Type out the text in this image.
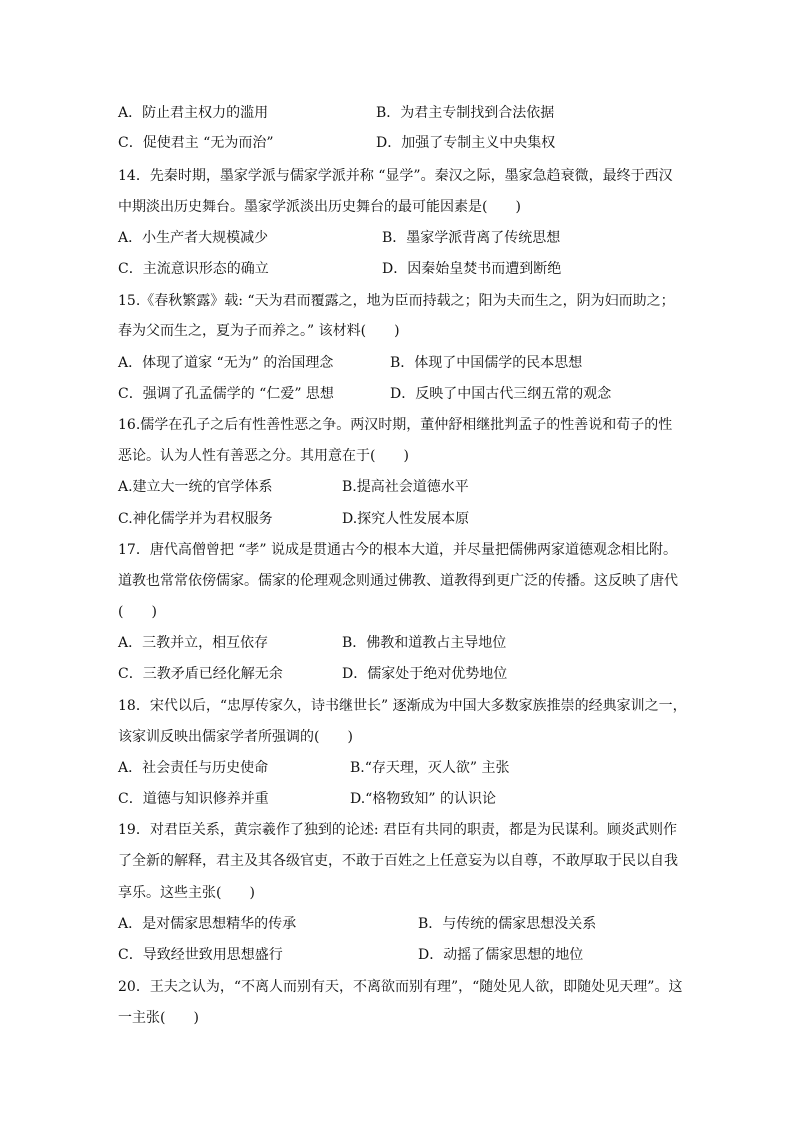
A．防止君主权力的滥用	B．为君主专制找到合法依据
C．促使君主 “无为而治”	D．加强了专制主义中央集权
14．先秦时期，墨家学派与儒家学派并称 “显学”。秦汉之际，墨家急趋衰微，最终于西汉
中期淡出历史舞台。墨家学派淡出历史舞台的最可能因素是(　　)
A．小生产者大规模减少	B．墨家学派背离了传统思想
C．主流意识形态的确立	D．因秦始皇焚书而遭到断绝
15.《春秋繁露》载: “天为君而覆露之，地为臣而持载之；阳为夫而生之，阴为妇而助之；
春为父而生之，夏为子而养之。” 该材料(　　)
A．体现了道家 “无为” 的治国理念	B．体现了中国儒学的民本思想
C．强调了孔孟儒学的 “仁爱” 思想	D．反映了中国古代三纲五常的观念
16.儒学在孔子之后有性善性恶之争。两汉时期，董仲舒相继批判孟子的性善说和荀子的性
恶论。认为人性有善恶之分。其用意在于(　　)
A.建立大一统的官学体系	B.提高社会道德水平
C.神化儒学并为君权服务	D.探究人性发展本原
17．唐代高僧曾把 “孝” 说成是贯通古今的根本大道，并尽量把儒佛两家道德观念相比附。
道教也常常依傍儒家。儒家的伦理观念则通过佛教、道教得到更广泛的传播。这反映了唐代
(　　)
A．三教并立，相互依存	B．佛教和道教占主导地位
C．三教矛盾已经化解无余	D．儒家处于绝对优势地位
18．宋代以后，“忠厚传家久，诗书继世长” 逐渐成为中国大多数家族推崇的经典家训之一，
该家训反映出儒家学者所强调的(　　)
A．社会责任与历史使命	B.“存天理，灭人欲” 主张
C．道德与知识修养并重	D.“格物致知” 的认识论
19．对君臣关系，黄宗羲作了独到的论述: 君臣有共同的职责，都是为民谋利。顾炎武则作
了全新的解释，君主及其各级官吏，不敢于百姓之上任意妄为以自尊，不敢厚取于民以自我
享乐。这些主张(　　)
A．是对儒家思想精华的传承	B．与传统的儒家思想没关系
C．导致经世致用思想盛行	D．动摇了儒家思想的地位
20．王夫之认为，“不离人而别有天，不离欲而别有理”，“随处见人欲，即随处见天理”。这
一主张(　　)
